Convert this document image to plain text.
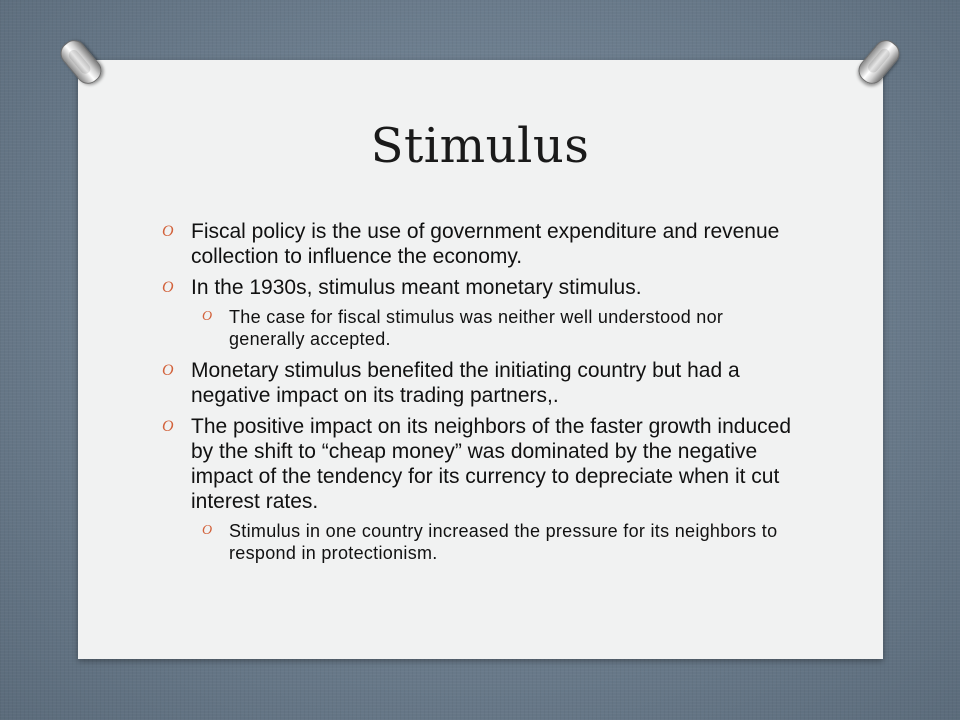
Stimulus
O Fiscal policy is the use of government expenditure and revenue collection to influence the economy.
O In the 1930s, stimulus meant monetary stimulus.
O The case for fiscal stimulus was neither well understood nor generally accepted.
O Monetary stimulus benefited the initiating country but had a negative impact on its trading partners,.
O The positive impact on its neighbors of the faster growth induced by the shift to “cheap money” was dominated by the negative impact of the tendency for its currency to depreciate when it cut interest rates.
O Stimulus in one country increased the pressure for its neighbors to respond in protectionism.
